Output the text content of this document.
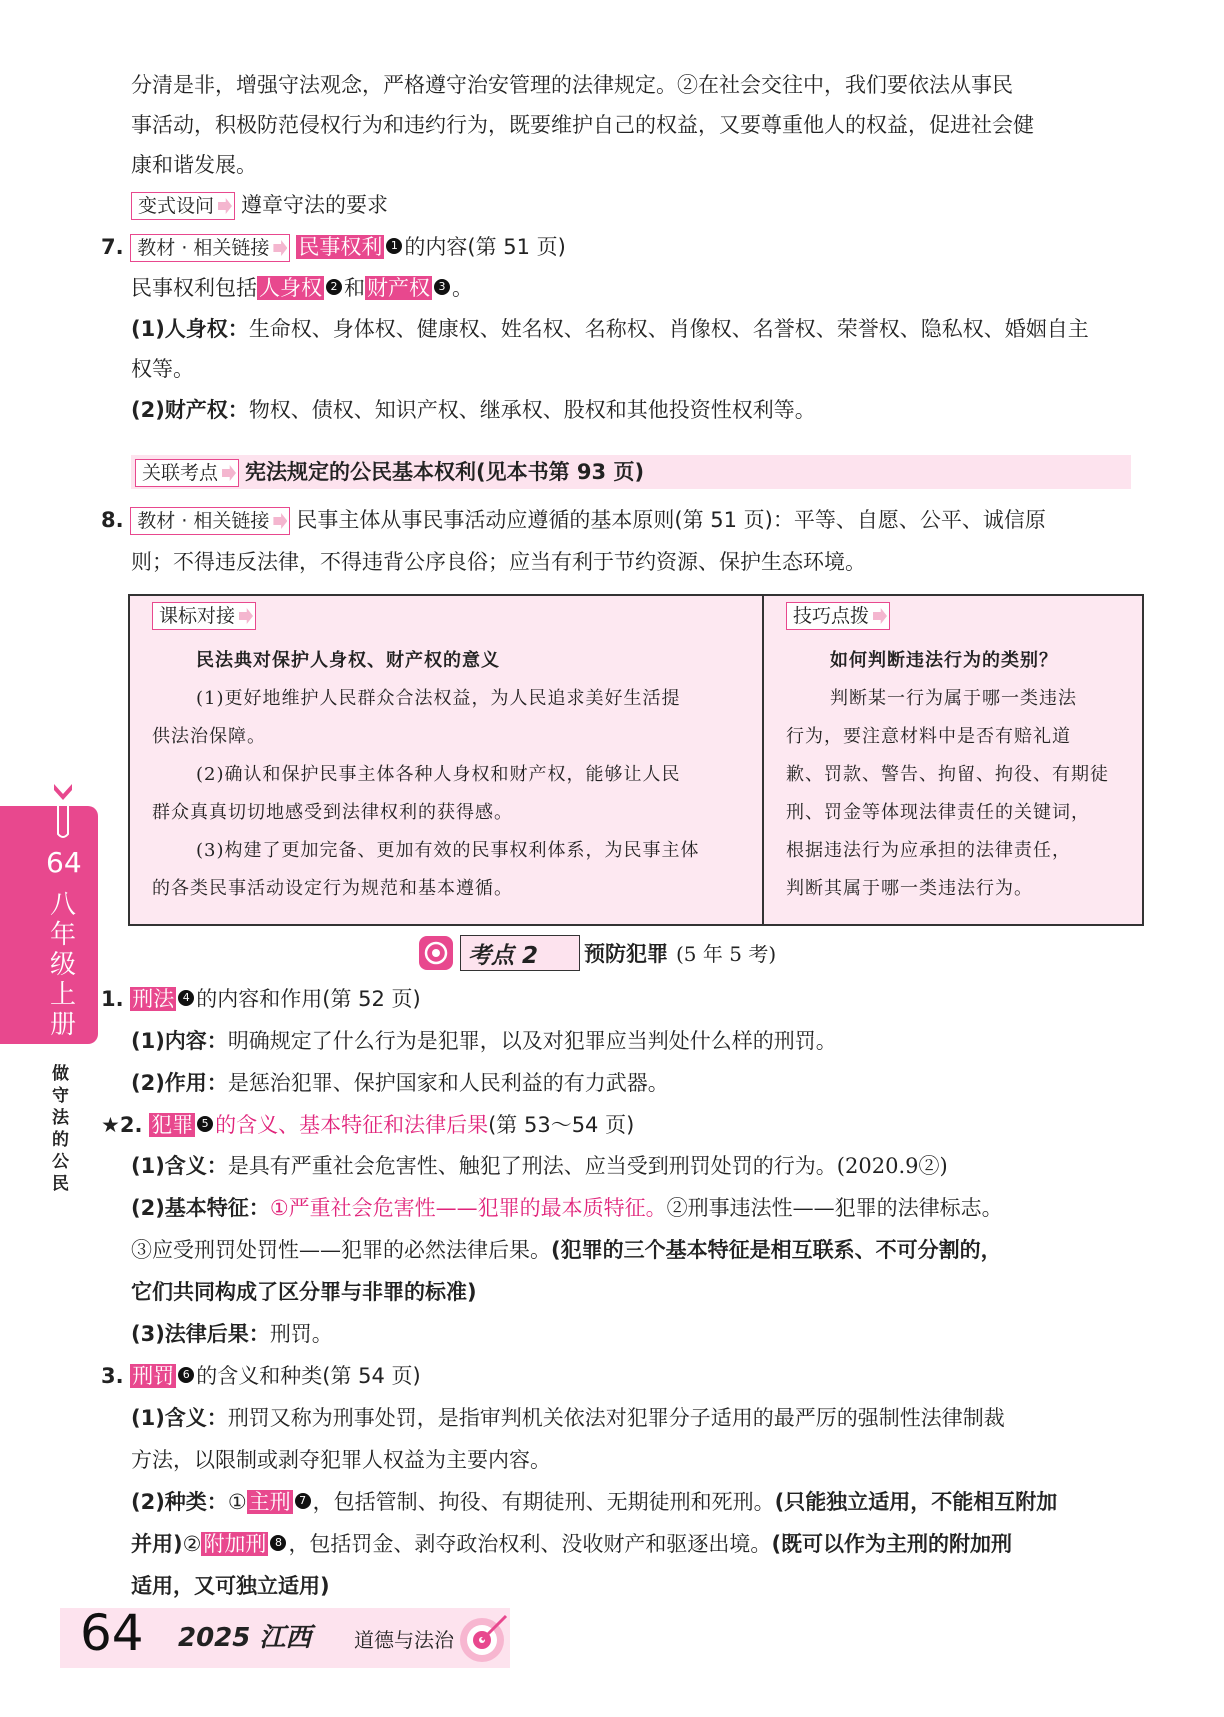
分清是非，增强守法观念，严格遵守治安管理的法律规定。②在社会交往中，我们要依法从事民
事活动，积极防范侵权行为和违约行为，既要维护自己的权益，又要尊重他人的权益，促进社会健
康和谐发展。
变式设问 遵章守法的要求
7. 教材 · 相关链接 民事权利 1 的内容(第 51 页)
民事权利包括人身权 2 和财产权 3 。
(1)人身权：生命权、身体权、健康权、姓名权、名称权、肖像权、名誉权、荣誉权、隐私权、婚姻自主
权等。
(2)财产权：物权、债权、知识产权、继承权、股权和其他投资性权利等。
关联考点 宪法规定的公民基本权利(见本书第 93 页)
8. 教材 · 相关链接 民事主体从事民事活动应遵循的基本原则(第 51 页)：平等、自愿、公平、诚信原
则；不得违反法律，不得违背公序良俗；应当有利于节约资源、保护生态环境。
课标对接
民法典对保护人身权、财产权的意义
(1)更好地维护人民群众合法权益，为人民追求美好生活提
供法治保障。
(2)确认和保护民事主体各种人身权和财产权，能够让人民
群众真真切切地感受到法律权利的获得感。
(3)构建了更加完备、更加有效的民事权利体系，为民事主体
的各类民事活动设定行为规范和基本遵循。
技巧点拨
如何判断违法行为的类别？
判断某一行为属于哪一类违法
行为，要注意材料中是否有赔礼道
歉、罚款、警告、拘留、拘役、有期徒
刑、罚金等体现法律责任的关键词，
根据违法行为应承担的法律责任，
判断其属于哪一类违法行为。
考点 2 预防犯罪 (5 年 5 考)
1. 刑法 4 的内容和作用(第 52 页)
(1)内容：明确规定了什么行为是犯罪，以及对犯罪应当判处什么样的刑罚。
(2)作用：是惩治犯罪、保护国家和人民利益的有力武器。
★2. 犯罪 5 的含义、基本特征和法律后果(第 53～54 页)
(1)含义：是具有严重社会危害性、触犯了刑法、应当受到刑罚处罚的行为。(2020.9②)
(2)基本特征：①严重社会危害性——犯罪的最本质特征。②刑事违法性——犯罪的法律标志。
③应受刑罚处罚性——犯罪的必然法律后果。(犯罪的三个基本特征是相互联系、不可分割的，
它们共同构成了区分罪与非罪的标准)
(3)法律后果：刑罚。
3. 刑罚 6 的含义和种类(第 54 页)
(1)含义：刑罚又称为刑事处罚，是指审判机关依法对犯罪分子适用的最严厉的强制性法律制裁
方法，以限制或剥夺犯罪人权益为主要内容。
(2)种类：①主刑 7 ，包括管制、拘役、有期徒刑、无期徒刑和死刑。(只能独立适用，不能相互附加
并用)②附加刑 8 ，包括罚金、剥夺政治权利、没收财产和驱逐出境。(既可以作为主刑的附加刑
适用，又可独立适用)
64
八年级上册
做守法的公民
64 2025 江西 道德与法治
